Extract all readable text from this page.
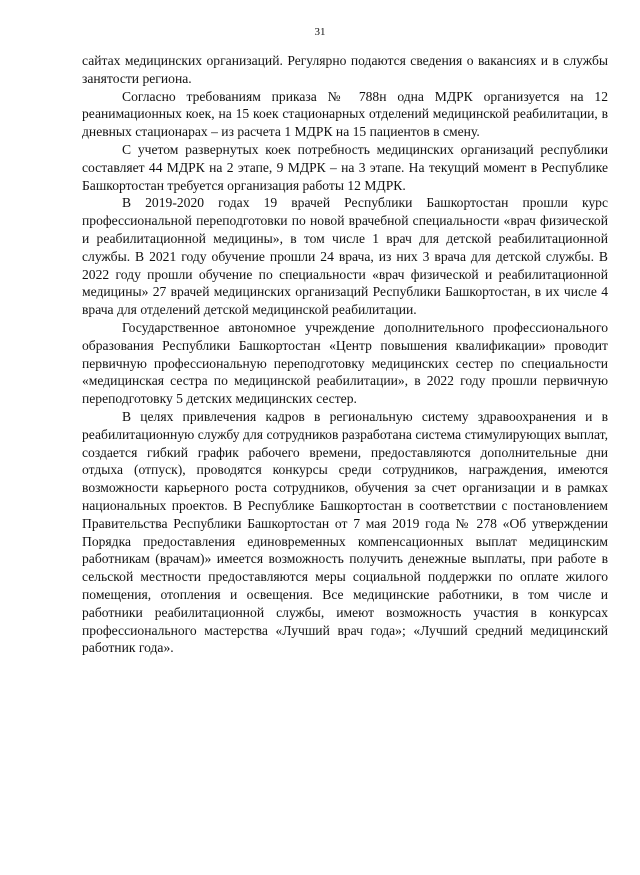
31

сайтах медицинских организаций. Регулярно подаются сведения о вакансиях и в службы занятости региона.

Согласно требованиям приказа № 788н одна МДРК организуется на 12 реанимационных коек, на 15 коек стационарных отделений медицинской реабилитации, в дневных стационарах – из расчета 1 МДРК на 15 пациентов в смену.

С учетом развернутых коек потребность медицинских организаций республики составляет 44 МДРК на 2 этапе, 9 МДРК – на 3 этапе. На текущий момент в Республике Башкортостан требуется организация работы 12 МДРК.

В 2019-2020 годах 19 врачей Республики Башкортостан прошли курс профессиональной переподготовки по новой врачебной специальности «врач физической и реабилитационной медицины», в том числе 1 врач для детской реабилитационной службы. В 2021 году обучение прошли 24 врача, из них 3 врача для детской службы. В 2022 году прошли обучение по специальности «врач физической и реабилитационной медицины» 27 врачей медицинских организаций Республики Башкортостан, в их числе 4 врача для отделений детской медицинской реабилитации.

Государственное автономное учреждение дополнительного профессионального образования Республики Башкортостан «Центр повышения квалификации» проводит первичную профессиональную переподготовку медицинских сестер по специальности «медицинская сестра по медицинской реабилитации», в 2022 году прошли первичную переподготовку 5 детских медицинских сестер.

В целях привлечения кадров в региональную систему здравоохранения и в реабилитационную службу для сотрудников разработана система стимулирующих выплат, создается гибкий график рабочего времени, предоставляются дополнительные дни отдыха (отпуск), проводятся конкурсы среди сотрудников, награждения, имеются возможности карьерного роста сотрудников, обучения за счет организации и в рамках национальных проектов. В Республике Башкортостан в соответствии с постановлением Правительства Республики Башкортостан от 7 мая 2019 года № 278 «Об утверждении Порядка предоставления единовременных компенсационных выплат медицинским работникам (врачам)» имеется возможность получить денежные выплаты, при работе в сельской местности предоставляются меры социальной поддержки по оплате жилого помещения, отопления и освещения. Все медицинские работники, в том числе и работники реабилитационной службы, имеют возможность участия в конкурсах профессионального мастерства «Лучший врач года»; «Лучший средний медицинский работник года».
